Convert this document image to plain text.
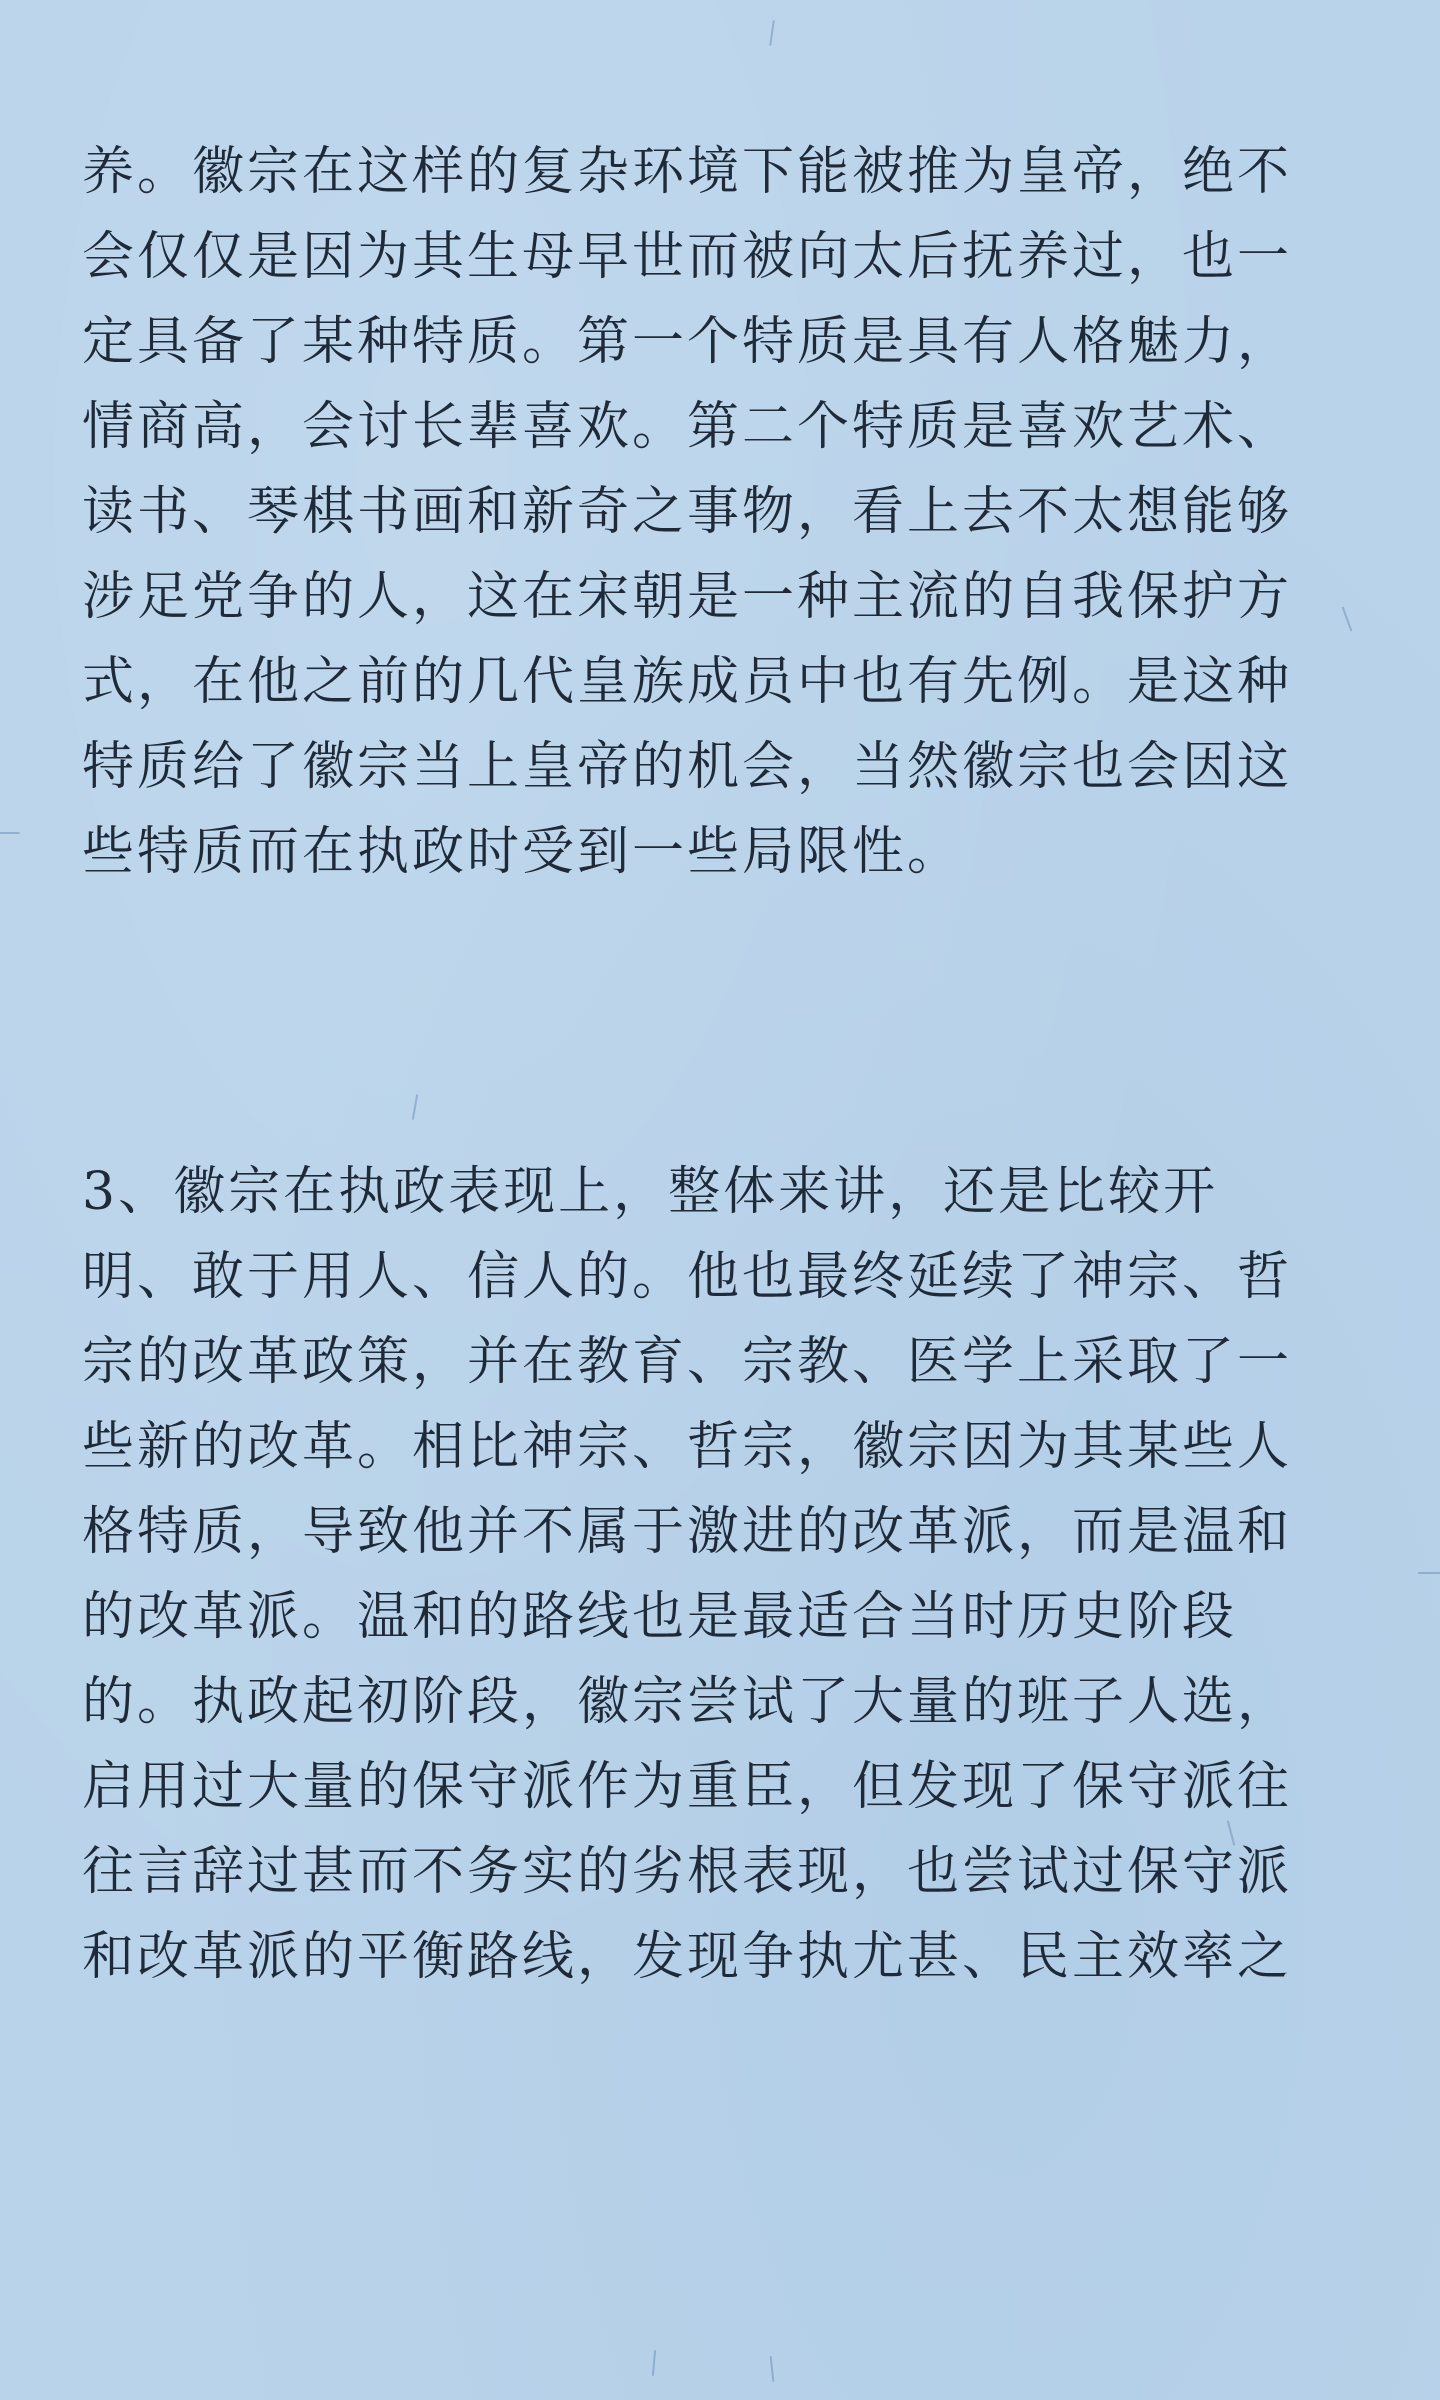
养。徽宗在这样的复杂环境下能被推为皇帝，绝不
会仅仅是因为其生母早世而被向太后抚养过，也一
定具备了某种特质。第一个特质是具有人格魅力，
情商高，会讨长辈喜欢。第二个特质是喜欢艺术、
读书、琴棋书画和新奇之事物，看上去不太想能够
涉足党争的人，这在宋朝是一种主流的自我保护方
式，在他之前的几代皇族成员中也有先例。是这种
特质给了徽宗当上皇帝的机会，当然徽宗也会因这
些特质而在执政时受到一些局限性。
3、徽宗在执政表现上，整体来讲，还是比较开
明、敢于用人、信人的。他也最终延续了神宗、哲
宗的改革政策，并在教育、宗教、医学上采取了一
些新的改革。相比神宗、哲宗，徽宗因为其某些人
格特质，导致他并不属于激进的改革派，而是温和
的改革派。温和的路线也是最适合当时历史阶段
的。执政起初阶段，徽宗尝试了大量的班子人选，
启用过大量的保守派作为重臣，但发现了保守派往
往言辞过甚而不务实的劣根表现，也尝试过保守派
和改革派的平衡路线，发现争执尤甚、民主效率之
